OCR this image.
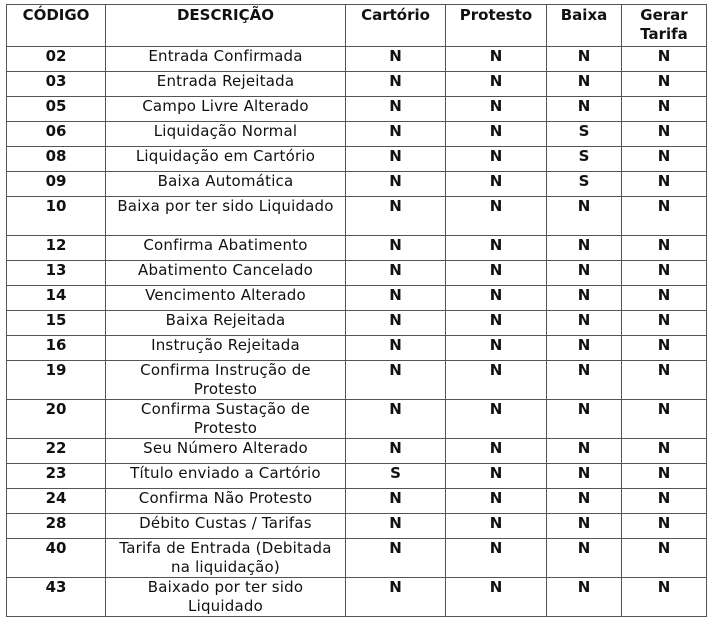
CÓDIGO	DESCRIÇÃO	Cartório	Protesto	Baixa	Gerar Tarifa
02	Entrada Confirmada	N	N	N	N
03	Entrada Rejeitada	N	N	N	N
05	Campo Livre Alterado	N	N	N	N
06	Liquidação Normal	N	N	S	N
08	Liquidação em Cartório	N	N	S	N
09	Baixa Automática	N	N	S	N
10	Baixa por ter sido Liquidado	N	N	N	N
12	Confirma Abatimento	N	N	N	N
13	Abatimento Cancelado	N	N	N	N
14	Vencimento Alterado	N	N	N	N
15	Baixa Rejeitada	N	N	N	N
16	Instrução Rejeitada	N	N	N	N
19	Confirma Instrução de Protesto	N	N	N	N
20	Confirma Sustação de Protesto	N	N	N	N
22	Seu Número Alterado	N	N	N	N
23	Título enviado a Cartório	S	N	N	N
24	Confirma Não Protesto	N	N	N	N
28	Débito Custas / Tarifas	N	N	N	N
40	Tarifa de Entrada (Debitada na liquidação)	N	N	N	N
43	Baixado por ter sido Liquidado	N	N	N	N
